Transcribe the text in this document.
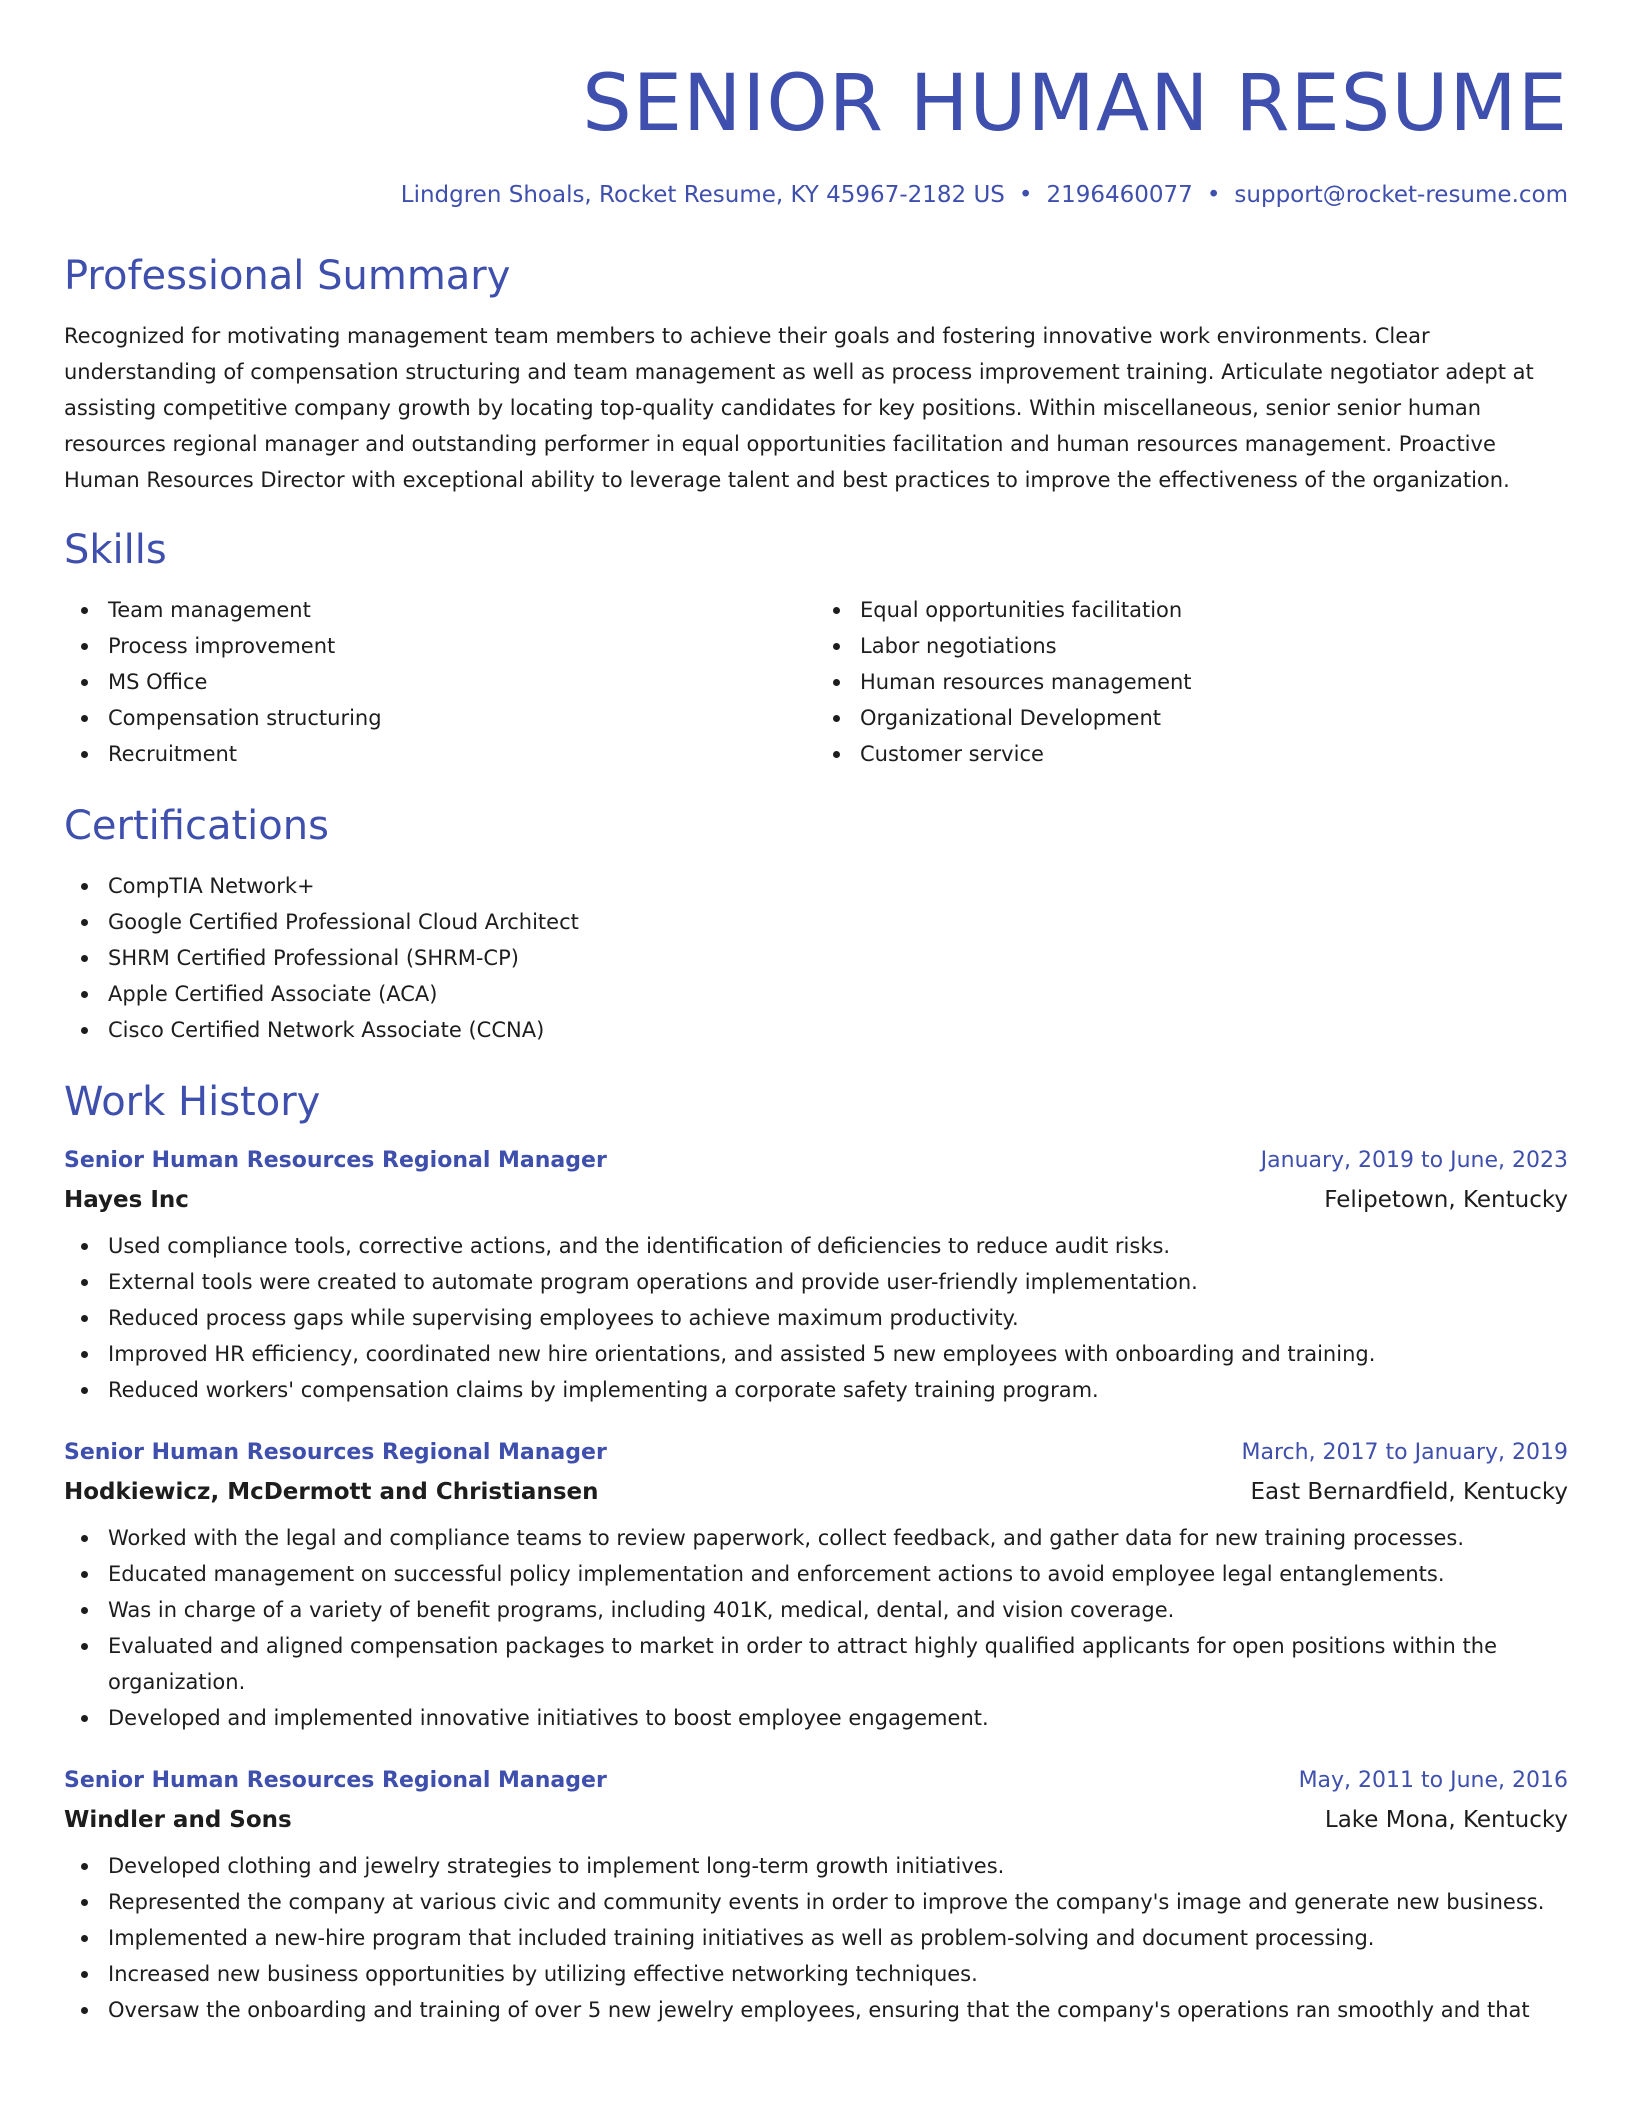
SENIOR HUMAN RESUME
Lindgren Shoals, Rocket Resume, KY 45967-2182 US • 2196460077 • support@rocket-resume.com
Professional Summary
Recognized for motivating management team members to achieve their goals and fostering innovative work environments. Clear understanding of compensation structuring and team management as well as process improvement training. Articulate negotiator adept at assisting competitive company growth by locating top-quality candidates for key positions. Within miscellaneous, senior senior human resources regional manager and outstanding performer in equal opportunities facilitation and human resources management. Proactive Human Resources Director with exceptional ability to leverage talent and best practices to improve the effectiveness of the organization.
Skills
Team management
Process improvement
MS Office
Compensation structuring
Recruitment
Equal opportunities facilitation
Labor negotiations
Human resources management
Organizational Development
Customer service
Certifications
CompTIA Network+
Google Certified Professional Cloud Architect
SHRM Certified Professional (SHRM-CP)
Apple Certified Associate (ACA)
Cisco Certified Network Associate (CCNA)
Work History
Senior Human Resources Regional Manager	January, 2019 to June, 2023
Hayes Inc	Felipetown, Kentucky
Used compliance tools, corrective actions, and the identification of deficiencies to reduce audit risks.
External tools were created to automate program operations and provide user-friendly implementation.
Reduced process gaps while supervising employees to achieve maximum productivity.
Improved HR efficiency, coordinated new hire orientations, and assisted 5 new employees with onboarding and training.
Reduced workers' compensation claims by implementing a corporate safety training program.
Senior Human Resources Regional Manager	March, 2017 to January, 2019
Hodkiewicz, McDermott and Christiansen	East Bernardfield, Kentucky
Worked with the legal and compliance teams to review paperwork, collect feedback, and gather data for new training processes.
Educated management on successful policy implementation and enforcement actions to avoid employee legal entanglements.
Was in charge of a variety of benefit programs, including 401K, medical, dental, and vision coverage.
Evaluated and aligned compensation packages to market in order to attract highly qualified applicants for open positions within the organization.
Developed and implemented innovative initiatives to boost employee engagement.
Senior Human Resources Regional Manager	May, 2011 to June, 2016
Windler and Sons	Lake Mona, Kentucky
Developed clothing and jewelry strategies to implement long-term growth initiatives.
Represented the company at various civic and community events in order to improve the company's image and generate new business.
Implemented a new-hire program that included training initiatives as well as problem-solving and document processing.
Increased new business opportunities by utilizing effective networking techniques.
Oversaw the onboarding and training of over 5 new jewelry employees, ensuring that the company's operations ran smoothly and that
